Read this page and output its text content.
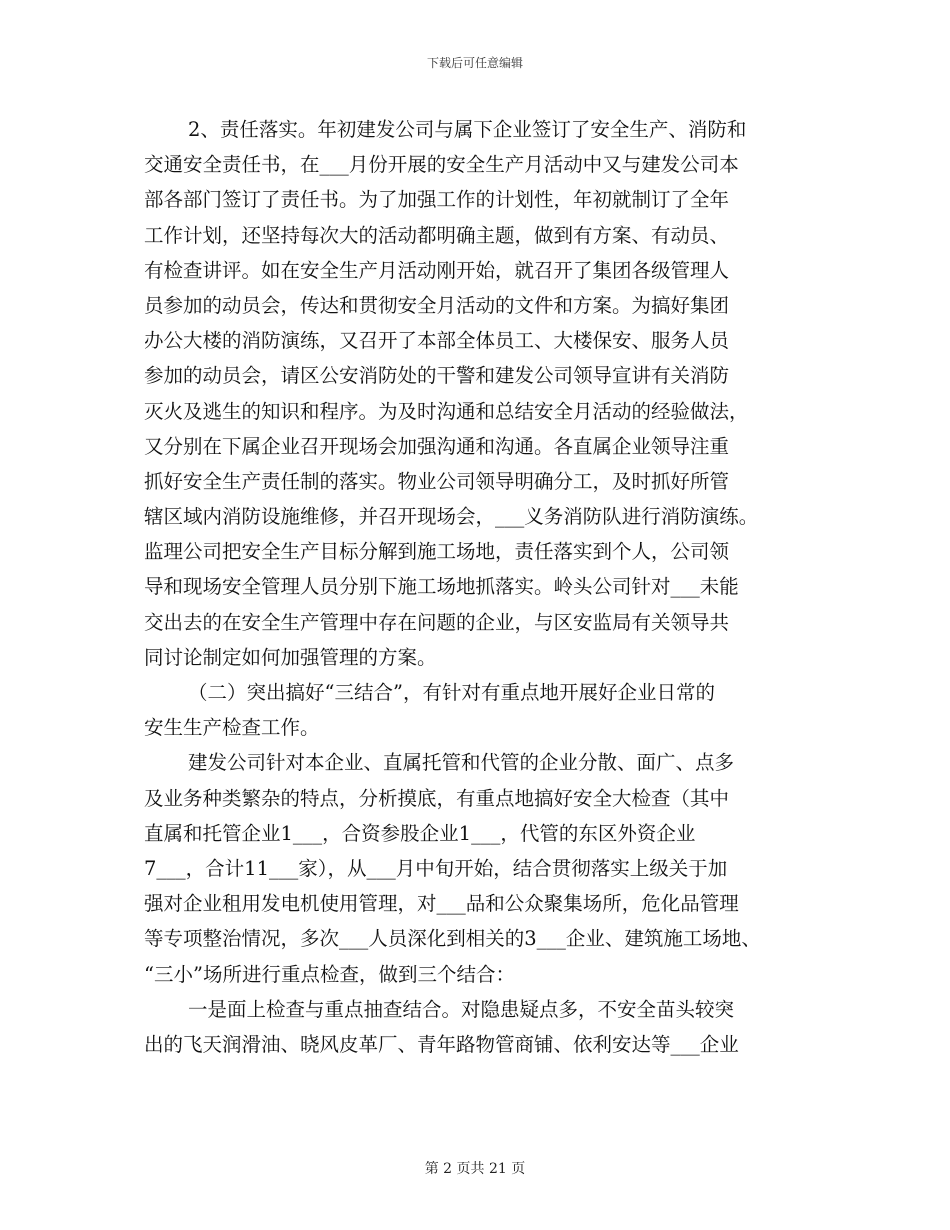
下载后可任意编辑
2、责任落实。年初建发公司与属下企业签订了安全生产、消防和
交通安全责任书，在___月份开展的安全生产月活动中又与建发公司本
部各部门签订了责任书。为了加强工作的计划性，年初就制订了全年
工作计划，还坚持每次大的活动都明确主题，做到有方案、有动员、
有检查讲评。如在安全生产月活动刚开始，就召开了集团各级管理人
员参加的动员会，传达和贯彻安全月活动的文件和方案。为搞好集团
办公大楼的消防演练，又召开了本部全体员工、大楼保安、服务人员
参加的动员会，请区公安消防处的干警和建发公司领导宣讲有关消防
灭火及逃生的知识和程序。为及时沟通和总结安全月活动的经验做法，
又分别在下属企业召开现场会加强沟通和沟通。各直属企业领导注重
抓好安全生产责任制的落实。物业公司领导明确分工，及时抓好所管
辖区域内消防设施维修，并召开现场会，___义务消防队进行消防演练。
监理公司把安全生产目标分解到施工场地，责任落实到个人，公司领
导和现场安全管理人员分别下施工场地抓落实。岭头公司针对___未能
交出去的在安全生产管理中存在问题的企业，与区安监局有关领导共
同讨论制定如何加强管理的方案。
（二）突出搞好“三结合”，有针对有重点地开展好企业日常的
安生生产检查工作。
建发公司针对本企业、直属托管和代管的企业分散、面广、点多
及业务种类繁杂的特点，分析摸底，有重点地搞好安全大检查（其中
直属和托管企业1___，合资参股企业1___，代管的东区外资企业
7___，合计11___家），从___月中旬开始，结合贯彻落实上级关于加
强对企业租用发电机使用管理，对___品和公众聚集场所，危化品管理
等专项整治情况，多次___人员深化到相关的3___企业、建筑施工场地、
“三小”场所进行重点检查，做到三个结合：
一是面上检查与重点抽查结合。对隐患疑点多，不安全苗头较突
出的飞天润滑油、晓风皮革厂、青年路物管商铺、依利安达等___企业
第 2 页共 21 页
